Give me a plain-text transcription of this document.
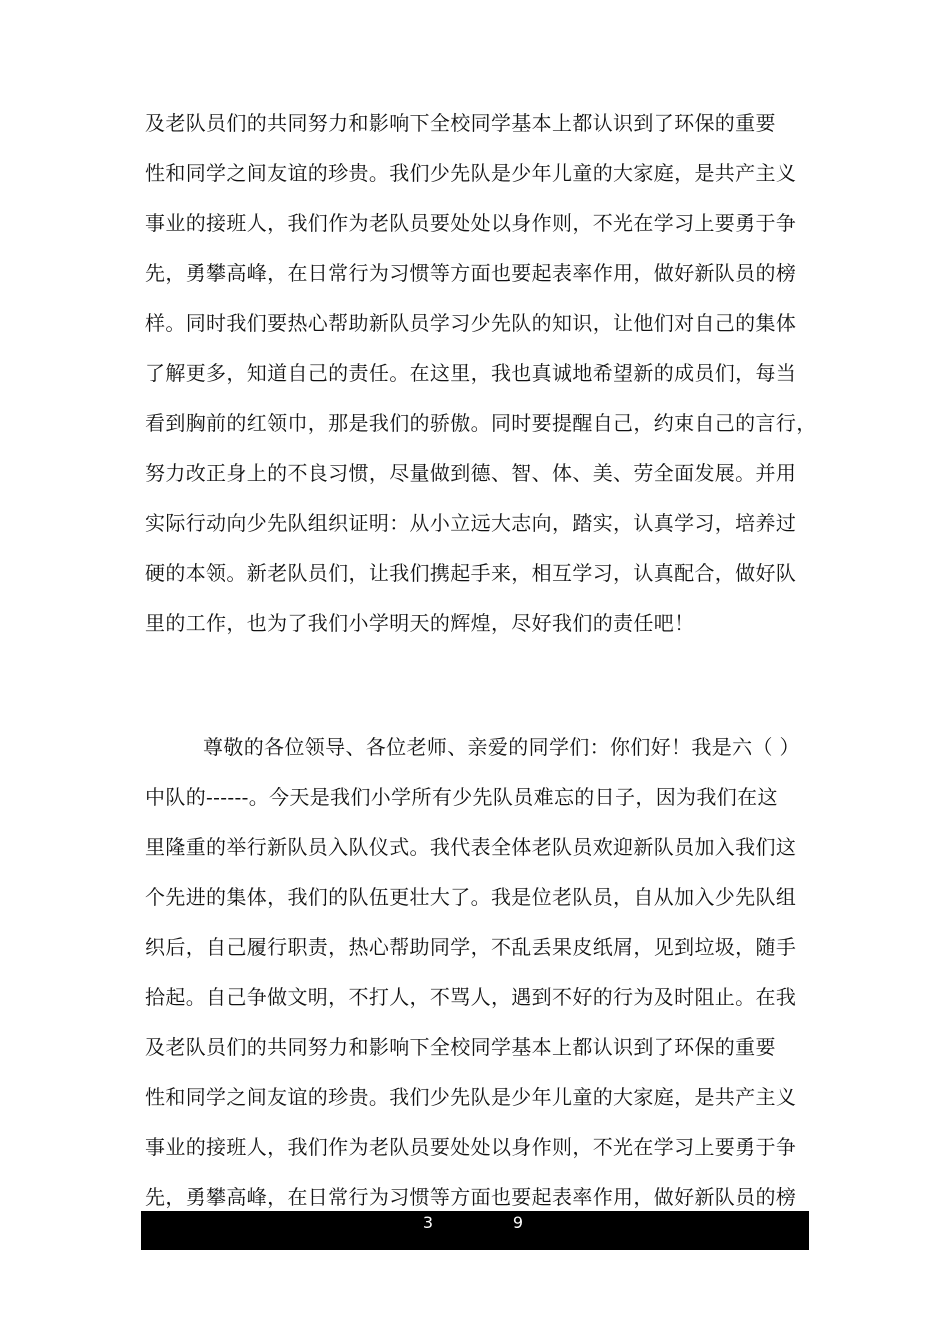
及老队员们的共同努力和影响下全校同学基本上都认识到了环保的重要
性和同学之间友谊的珍贵。我们少先队是少年儿童的大家庭，是共产主义
事业的接班人，我们作为老队员要处处以身作则，不光在学习上要勇于争
先，勇攀高峰，在日常行为习惯等方面也要起表率作用，做好新队员的榜
样。同时我们要热心帮助新队员学习少先队的知识，让他们对自己的集体
了解更多，知道自己的责任。在这里，我也真诚地希望新的成员们，每当
看到胸前的红领巾，那是我们的骄傲。同时要提醒自己，约束自己的言行，
努力改正身上的不良习惯，尽量做到德、智、体、美、劳全面发展。并用
实际行动向少先队组织证明：从小立远大志向，踏实，认真学习，培养过
硬的本领。新老队员们，让我们携起手来，相互学习，认真配合，做好队
里的工作，也为了我们小学明天的辉煌，尽好我们的责任吧！
尊敬的各位领导、各位老师、亲爱的同学们：你们好！我是六（ ）
中队的------。今天是我们小学所有少先队员难忘的日子，因为我们在这
里隆重的举行新队员入队仪式。我代表全体老队员欢迎新队员加入我们这
个先进的集体，我们的队伍更壮大了。我是位老队员，自从加入少先队组
织后，自己履行职责，热心帮助同学，不乱丢果皮纸屑，见到垃圾，随手
拾起。自己争做文明，不打人，不骂人，遇到不好的行为及时阻止。在我
及老队员们的共同努力和影响下全校同学基本上都认识到了环保的重要
性和同学之间友谊的珍贵。我们少先队是少年儿童的大家庭，是共产主义
事业的接班人，我们作为老队员要处处以身作则，不光在学习上要勇于争
先，勇攀高峰，在日常行为习惯等方面也要起表率作用，做好新队员的榜
3	9
